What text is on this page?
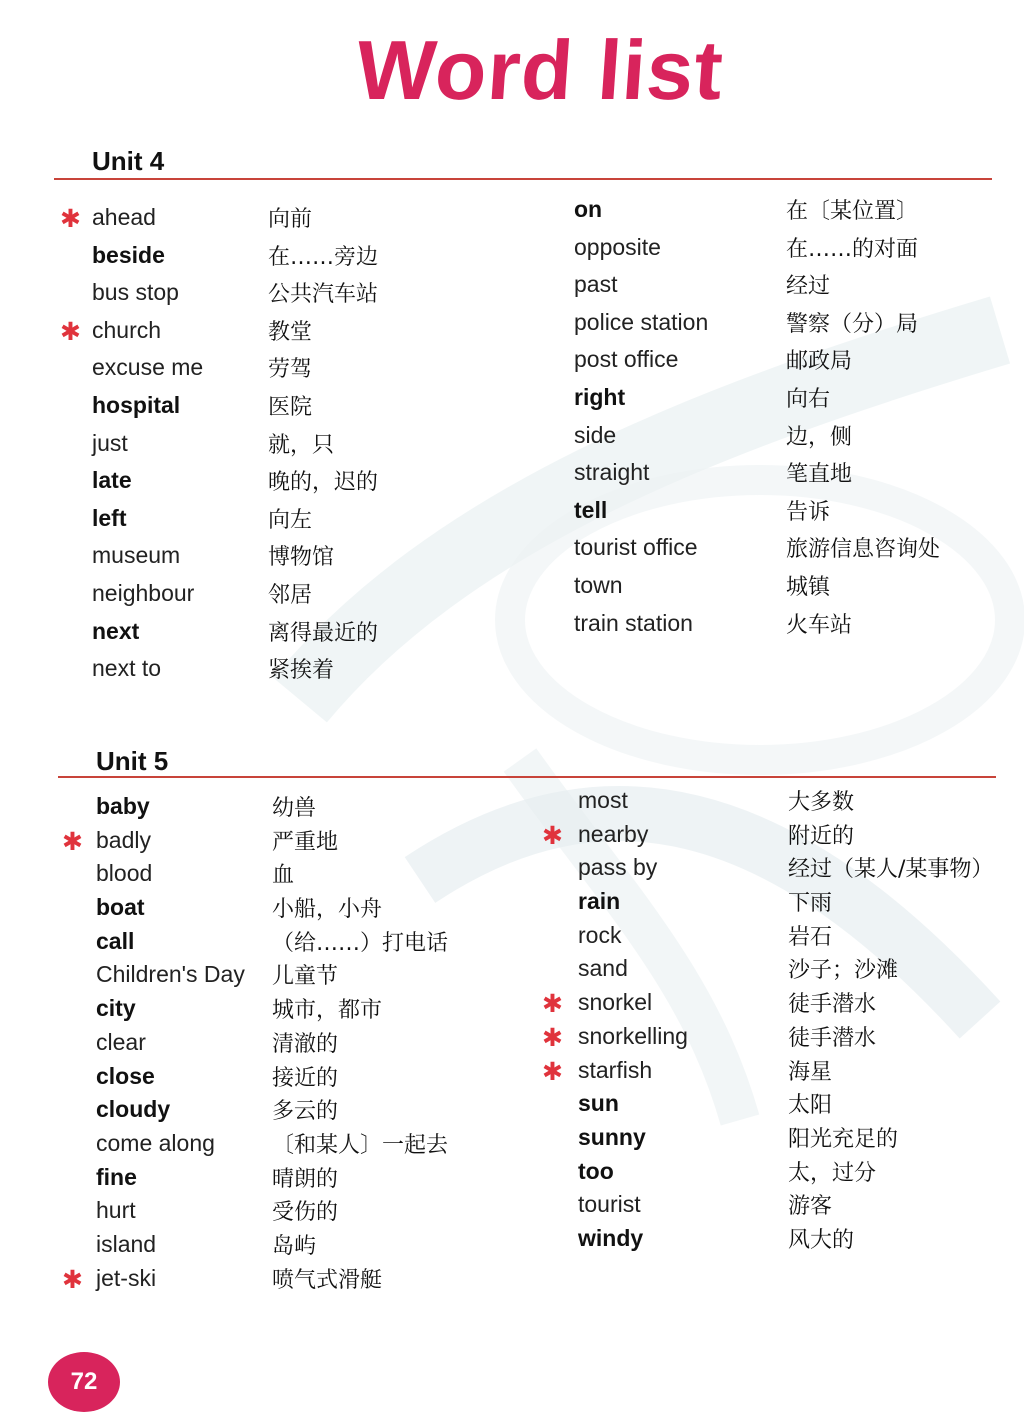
Word list
Unit 4
✱ ahead	向前
beside	在……旁边
bus stop	公共汽车站
✱ church	教堂
excuse me	劳驾
hospital	医院
just	就，只
late	晚的，迟的
left	向左
museum	博物馆
neighbour	邻居
next	离得最近的
next to	紧挨着
on	在〔某位置〕
opposite	在……的对面
past	经过
police station	警察（分）局
post office	邮政局
right	向右
side	边，侧
straight	笔直地
tell	告诉
tourist office	旅游信息咨询处
town	城镇
train station	火车站
Unit 5
baby	幼兽
✱ badly	严重地
blood	血
boat	小船，小舟
call	（给……）打电话
Children's Day 儿童节
city	城市，都市
clear	清澈的
close	接近的
cloudy	多云的
come along	〔和某人〕一起去
fine	晴朗的
hurt	受伤的
island	岛屿
✱ jet-ski	喷气式滑艇
most	大多数
✱ nearby	附近的
pass by	经过（某人/某事物）
rain	下雨
rock	岩石
sand	沙子；沙滩
✱ snorkel	徒手潜水
✱ snorkelling	徒手潜水
✱ starfish	海星
sun	太阳
sunny	阳光充足的
too	太，过分
tourist	游客
windy	风大的
72
